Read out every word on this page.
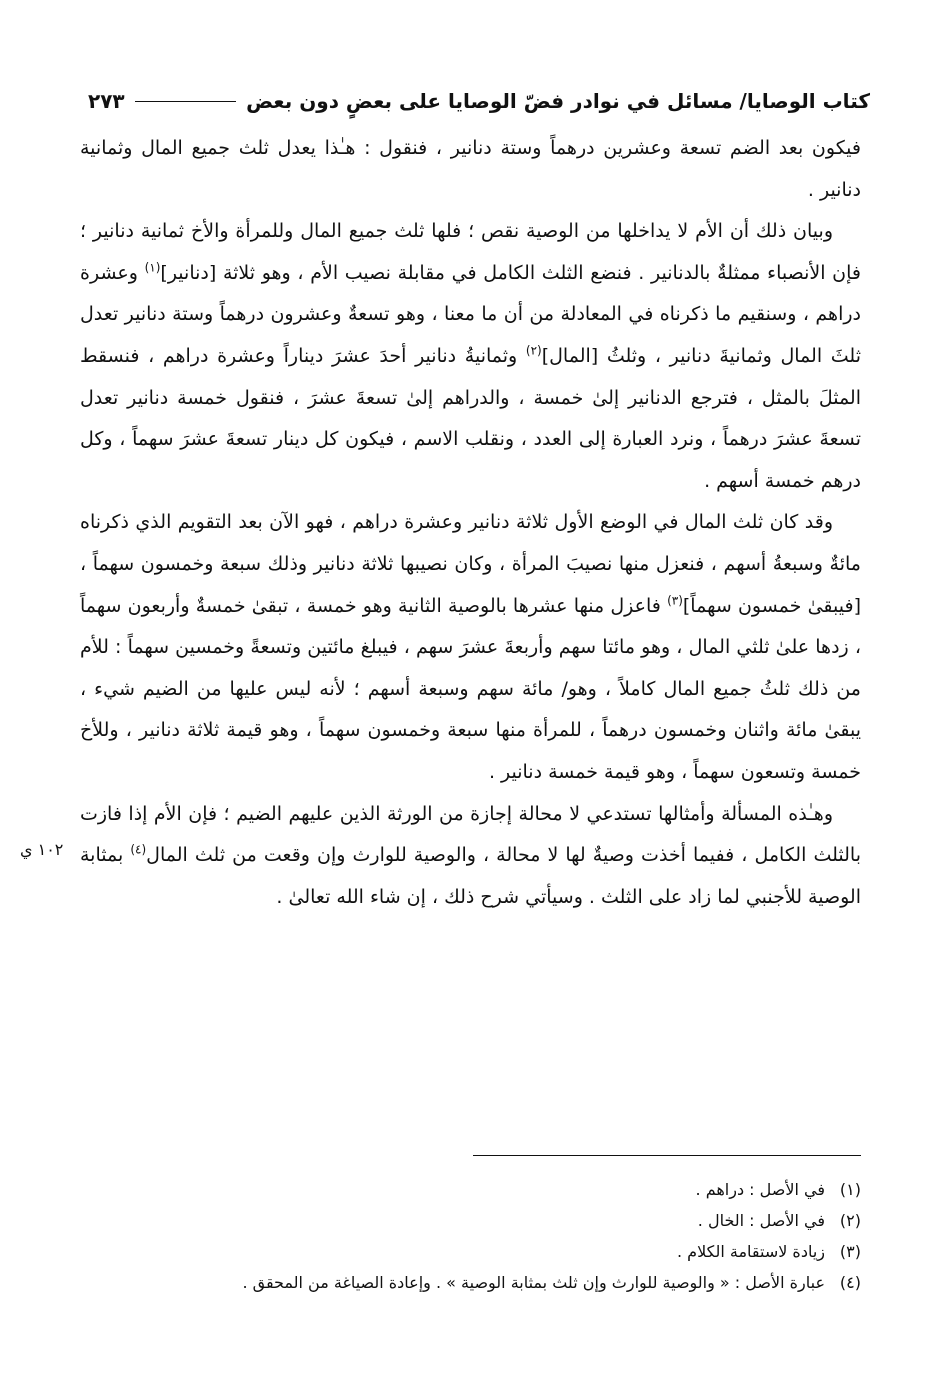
كتاب الوصايا/ مسائل في نوادر فضّ الوصايا على بعضٍ دون بعض
٢٧٣

فيكون بعد الضم تسعة وعشرين درهماً وستة دنانير ، فنقول : هـٰذا يعدل ثلث جميع المال وثمانية دنانير .

وبيان ذلك أن الأم لا يداخلها من الوصية نقص ؛ فلها ثلث جميع المال وللمرأة والأخ ثمانية دنانير ؛ فإن الأنصباء ممثلةٌ بالدنانير . فنضع الثلث الكامل في مقابلة نصيب الأم ، وهو ثلاثة [دنانير]$^{(١)}$ وعشرة دراهم ، وسنقيم ما ذكرناه في المعادلة من أن ما معنا ، وهو تسعةٌ وعشرون درهماً وستة دنانير تعدل ثلثَ المال وثمانيةَ دنانير ، وثلثُ [المال]$^{(٢)}$ وثمانيةُ دنانير أحدَ عشرَ ديناراً وعشرة دراهم ، فنسقط المثلَ بالمثل ، فترجع الدنانير إلىٰ خمسة ، والدراهم إلىٰ تسعةَ عشرَ ، فنقول خمسة دنانير تعدل تسعةَ عشرَ درهماً ، ونرد العبارة إلى العدد ، ونقلب الاسم ، فيكون كل دينار تسعةَ عشرَ سهماً ، وكل درهم خمسة أسهم .

وقد كان ثلث المال في الوضع الأول ثلاثة دنانير وعشرة دراهم ، فهو الآن بعد التقويم الذي ذكرناه مائةٌ وسبعةُ أسهم ، فنعزل منها نصيبَ المرأة ، وكان نصيبها ثلاثة دنانير وذلك سبعة وخمسون سهماً ، [فيبقىٰ خمسون سهماً]$^{(٣)}$ فاعزل منها عشرها بالوصية الثانية وهو خمسة ، تبقىٰ خمسةٌ وأربعون سهماً ، زدها علىٰ ثلثي المال ، وهو مائتا سهم وأربعةَ عشرَ سهم ، فيبلغ مائتين وتسعةً وخمسين سهماً : للأم من ذلك ثلثُ جميع المال كاملاً ، وهو/ مائة سهم وسبعة أسهم ؛ لأنه ليس عليها من الضيم شيء ، يبقىٰ مائة واثنان وخمسون درهماً ، للمرأة منها سبعة وخمسون سهماً ، وهو قيمة ثلاثة دنانير ، وللأخ خمسة وتسعون سهماً ، وهو قيمة خمسة دنانير .

وهـٰذه المسألة وأمثالها تستدعي لا محالة إجازة من الورثة الذين عليهم الضيم ؛ فإن الأم إذا فازت بالثلث الكامل ، ففيما أخذت وصيةٌ لها لا محالة ، والوصية للوارث وإن وقعت من ثلث المال$^{(٤)}$ بمثابة الوصية للأجنبي لما زاد على الثلث . وسيأتي شرح ذلك ، إن شاء الله تعالىٰ .

١٠٢ ي
(١)
في الأصل : دراهم .
(٢)
في الأصل : الخال .
(٣)
زيادة لاستقامة الكلام .
(٤)
عبارة الأصل : « والوصية للوارث وإن ثلث بمثابة الوصية » . وإعادة الصياغة من المحقق .
